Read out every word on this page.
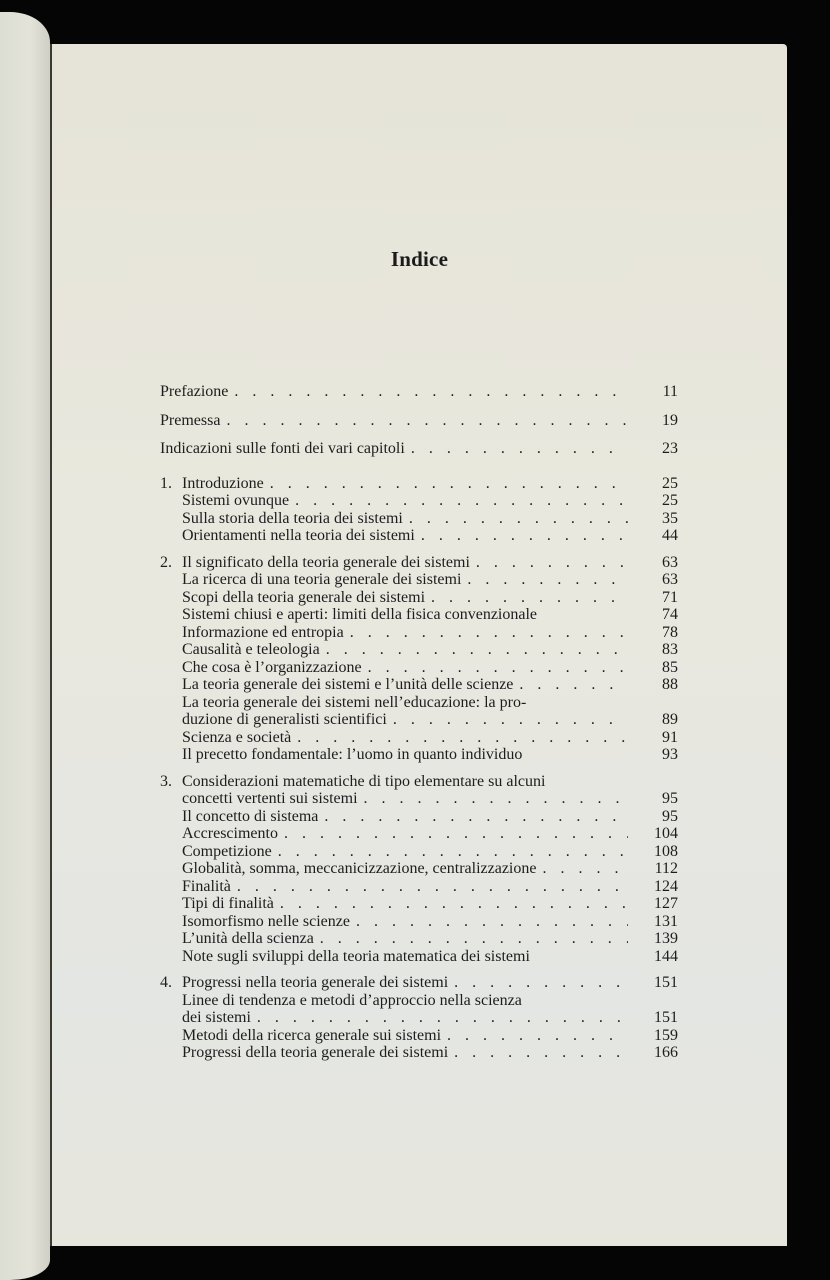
Indice
Prefazione . .	11
Premessa . .	19
Indicazioni sulle fonti dei vari capitoli . .	23
1. Introduzione . .	25
Sistemi ovunque . .	25
Sulla storia della teoria dei sistemi . .	35
Orientamenti nella teoria dei sistemi . .	44
2. Il significato della teoria generale dei sistemi . .	63
La ricerca di una teoria generale dei sistemi . .	63
Scopi della teoria generale dei sistemi . .	71
Sistemi chiusi e aperti: limiti della fisica convenzionale	74
Informazione ed entropia . .	78
Causalità e teleologia . .	83
Che cosa è l’organizzazione . .	85
La teoria generale dei sistemi e l’unità delle scienze . .	88
La teoria generale dei sistemi nell’educazione: la pro-
duzione di generalisti scientifici . .	89
Scienza e società . .	91
Il precetto fondamentale: l’uomo in quanto individuo	93
3. Considerazioni matematiche di tipo elementare su alcuni
concetti vertenti sui sistemi . .	95
Il concetto di sistema . .	95
Accrescimento . .	104
Competizione . .	108
Globalità, somma, meccanicizzazione, centralizzazione . .	112
Finalità . .	124
Tipi di finalità . .	127
Isomorfismo nelle scienze . .	131
L’unità della scienza . .	139
Note sugli sviluppi della teoria matematica dei sistemi	144
4. Progressi nella teoria generale dei sistemi . .	151
Linee di tendenza e metodi d’approccio nella scienza
dei sistemi . .	151
Metodi della ricerca generale sui sistemi . .	159
Progressi della teoria generale dei sistemi . .	166
